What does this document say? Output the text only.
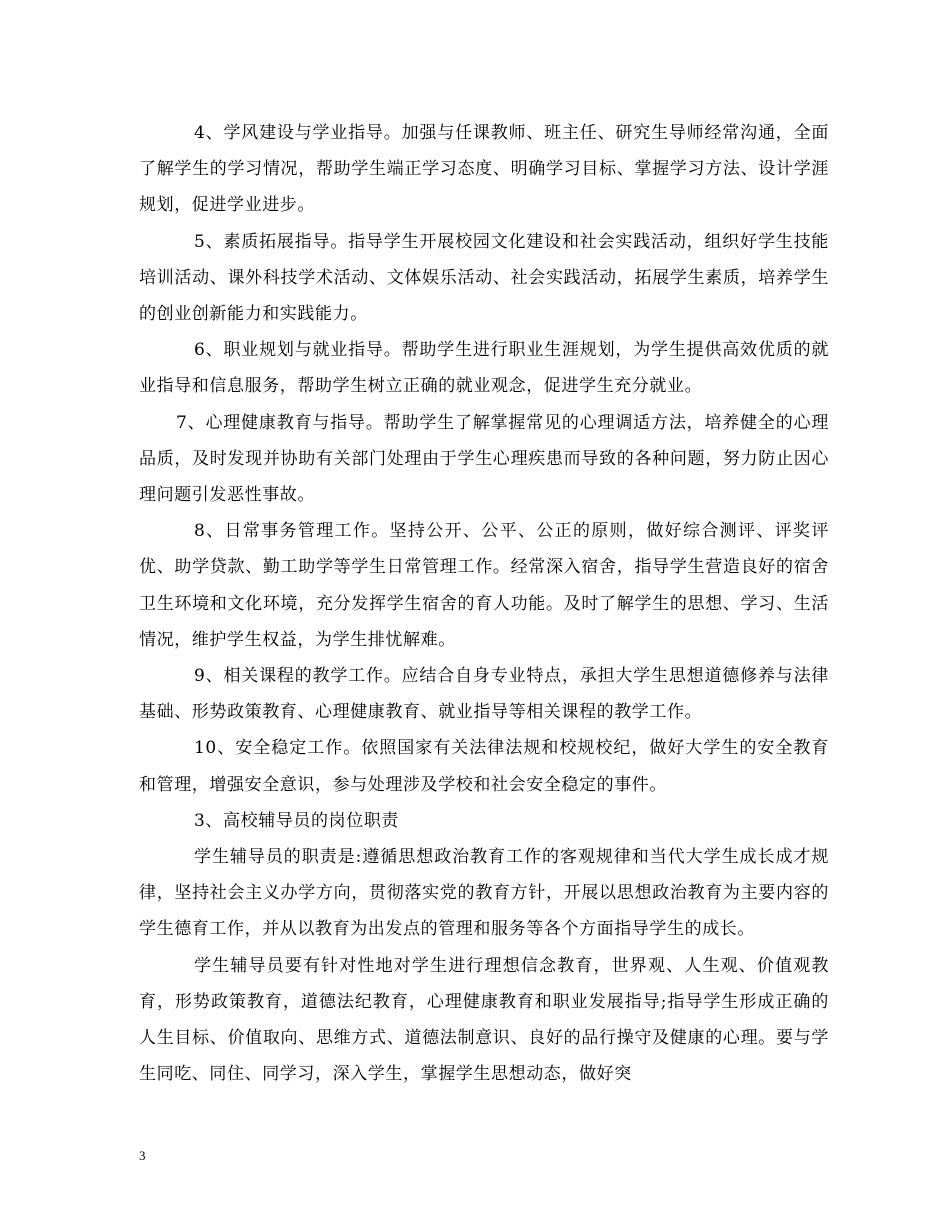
4、学风建设与学业指导。加强与任课教师、班主任、研究生导师经常沟通，全面了解学生的学习情况，帮助学生端正学习态度、明确学习目标、掌握学习方法、设计学涯规划，促进学业进步。

5、素质拓展指导。指导学生开展校园文化建设和社会实践活动，组织好学生技能培训活动、课外科技学术活动、文体娱乐活动、社会实践活动，拓展学生素质，培养学生的创业创新能力和实践能力。

6、职业规划与就业指导。帮助学生进行职业生涯规划，为学生提供高效优质的就业指导和信息服务，帮助学生树立正确的就业观念，促进学生充分就业。

7、心理健康教育与指导。帮助学生了解掌握常见的心理调适方法，培养健全的心理品质，及时发现并协助有关部门处理由于学生心理疾患而导致的各种问题，努力防止因心理问题引发恶性事故。

8、日常事务管理工作。坚持公开、公平、公正的原则，做好综合测评、评奖评优、助学贷款、勤工助学等学生日常管理工作。经常深入宿舍，指导学生营造良好的宿舍卫生环境和文化环境，充分发挥学生宿舍的育人功能。及时了解学生的思想、学习、生活情况，维护学生权益，为学生排忧解难。

9、相关课程的教学工作。应结合自身专业特点，承担大学生思想道德修养与法律基础、形势政策教育、心理健康教育、就业指导等相关课程的教学工作。

10、安全稳定工作。依照国家有关法律法规和校规校纪，做好大学生的安全教育和管理，增强安全意识，参与处理涉及学校和社会安全稳定的事件。

3、高校辅导员的岗位职责

学生辅导员的职责是:遵循思想政治教育工作的客观规律和当代大学生成长成才规律，坚持社会主义办学方向，贯彻落实党的教育方针，开展以思想政治教育为主要内容的学生德育工作，并从以教育为出发点的管理和服务等各个方面指导学生的成长。

学生辅导员要有针对性地对学生进行理想信念教育，世界观、人生观、价值观教育，形势政策教育，道德法纪教育，心理健康教育和职业发展指导;指导学生形成正确的人生目标、价值取向、思维方式、道德法制意识、良好的品行操守及健康的心理。要与学生同吃、同住、同学习，深入学生，掌握学生思想动态，做好突

3
